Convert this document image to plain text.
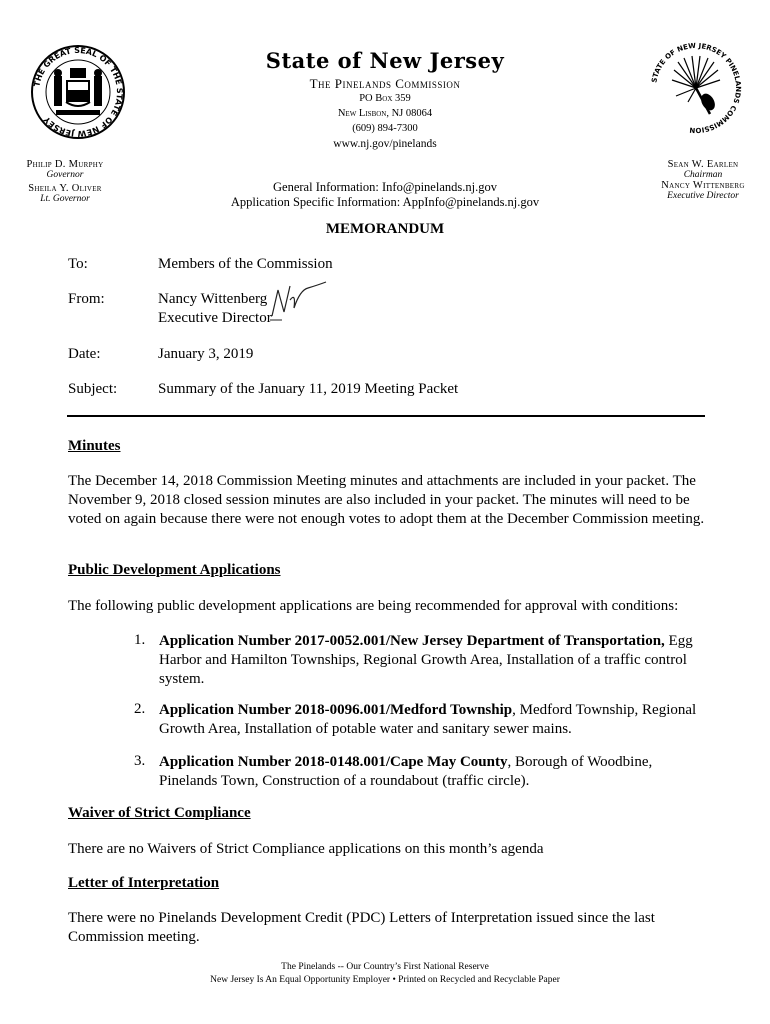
THE GREAT SEAL OF THE STATE OF NEW JERSEY
STATE OF NEW JERSEY PINELANDS COMMISSION
State of New Jersey
The Pinelands Commission
PO Box 359
New Lisbon, NJ 08064
(609) 894-7300
www.nj.gov/pinelands
General Information: Info@pinelands.nj.gov
Application Specific Information: AppInfo@pinelands.nj.gov
Philip D. Murphy
Governor
Sheila Y. Oliver
Lt. Governor
Sean W. Earlen
Chairman
Nancy Wittenberg
Executive Director
MEMORANDUM
To:	Members of the Commission
From:	Nancy Wittenberg
Executive Director
Date:	January 3, 2019
Subject:	Summary of the January 11, 2019 Meeting Packet
Minutes
The December 14, 2018 Commission Meeting minutes and attachments are included in your packet. The November 9, 2018 closed session minutes are also included in your packet. The minutes will need to be voted on again because there were not enough votes to adopt them at the December Commission meeting.
Public Development Applications
The following public development applications are being recommended for approval with conditions:
1. Application Number 2017-0052.001/New Jersey Department of Transportation, Egg Harbor and Hamilton Townships, Regional Growth Area, Installation of a traffic control system.
2. Application Number 2018-0096.001/Medford Township, Medford Township, Regional Growth Area, Installation of potable water and sanitary sewer mains.
3. Application Number 2018-0148.001/Cape May County, Borough of Woodbine, Pinelands Town, Construction of a roundabout (traffic circle).
Waiver of Strict Compliance
There are no Waivers of Strict Compliance applications on this month’s agenda
Letter of Interpretation
There were no Pinelands Development Credit (PDC) Letters of Interpretation issued since the last Commission meeting.
The Pinelands -- Our Country’s First National Reserve
New Jersey Is An Equal Opportunity Employer • Printed on Recycled and Recyclable Paper
